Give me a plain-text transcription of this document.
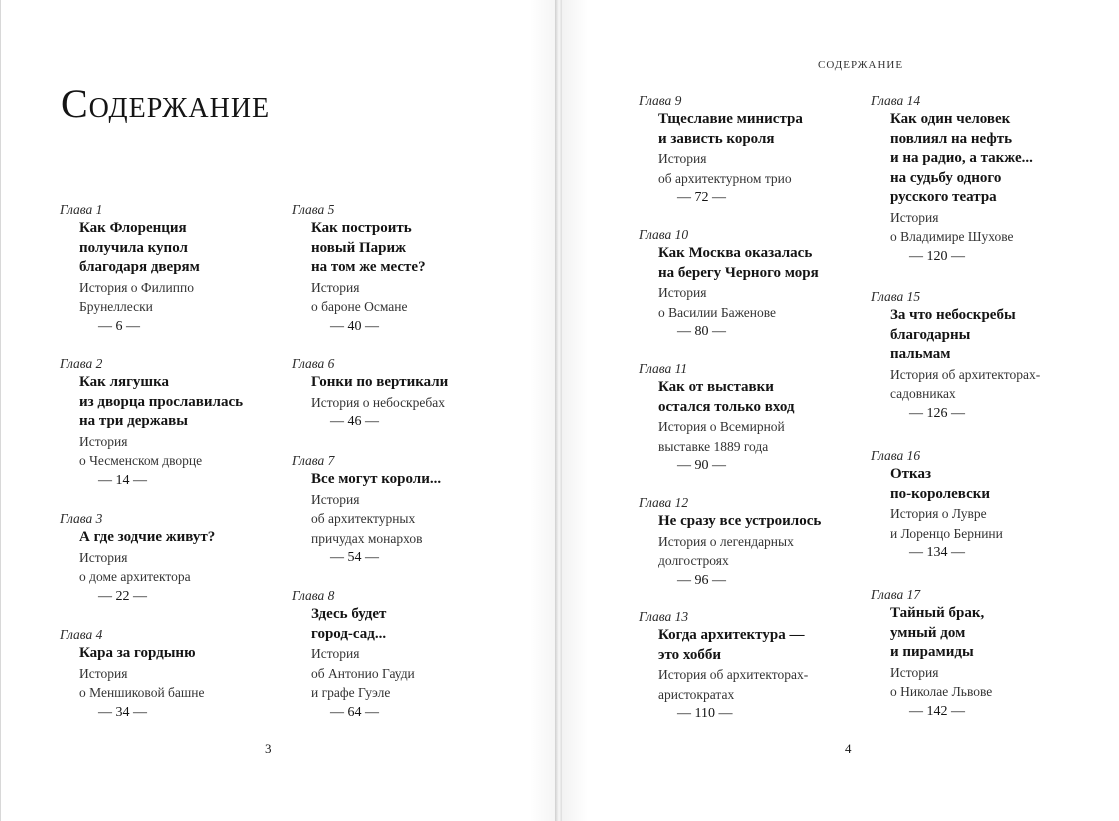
Содержание
3	4
СОДЕРЖАНИЕ
Глава 1
Как Флоренция
получила купол
благодаря дверям
История о Филиппо
Брунеллески
— 6 —
Глава 2
Как лягушка
из дворца прославилась
на три державы
История
о Чесменском дворце
— 14 —
Глава 3
А где зодчие живут?
История
о доме архитектора
— 22 —
Глава 4
Кара за гордыню
История
о Меншиковой башне
— 34 —
Глава 5
Как построить
новый Париж
на том же месте?
История
о бароне Османе
— 40 —
Глава 6
Гонки по вертикали
История о небоскребах
— 46 —
Глава 7
Все могут короли...
История
об архитектурных
причудах монархов
— 54 —
Глава 8
Здесь будет
город-сад...
История
об Антонио Гауди
и графе Гуэле
— 64 —
Глава 9
Тщеславие министра
и зависть короля
История
об архитектурном трио
— 72 —
Глава 10
Как Москва оказалась
на берегу Черного моря
История
о Василии Баженове
— 80 —
Глава 11
Как от выставки
остался только вход
История о Всемирной
выставке 1889 года
— 90 —
Глава 12
Не сразу все устроилось
История о легендарных
долгостроях
— 96 —
Глава 13
Когда архитектура —
это хобби
История об архитекторах-
аристократах
— 110 —
Глава 14
Как один человек
повлиял на нефть
и на радио, а также...
на судьбу одного
русского театра
История
о Владимире Шухове
— 120 —
Глава 15
За что небоскребы
благодарны
пальмам
История об архитекторах-
садовниках
— 126 —
Глава 16
Отказ
по-королевски
История о Лувре
и Лоренцо Бернини
— 134 —
Глава 17
Тайный брак,
умный дом
и пирамиды
История
о Николае Львове
— 142 —
